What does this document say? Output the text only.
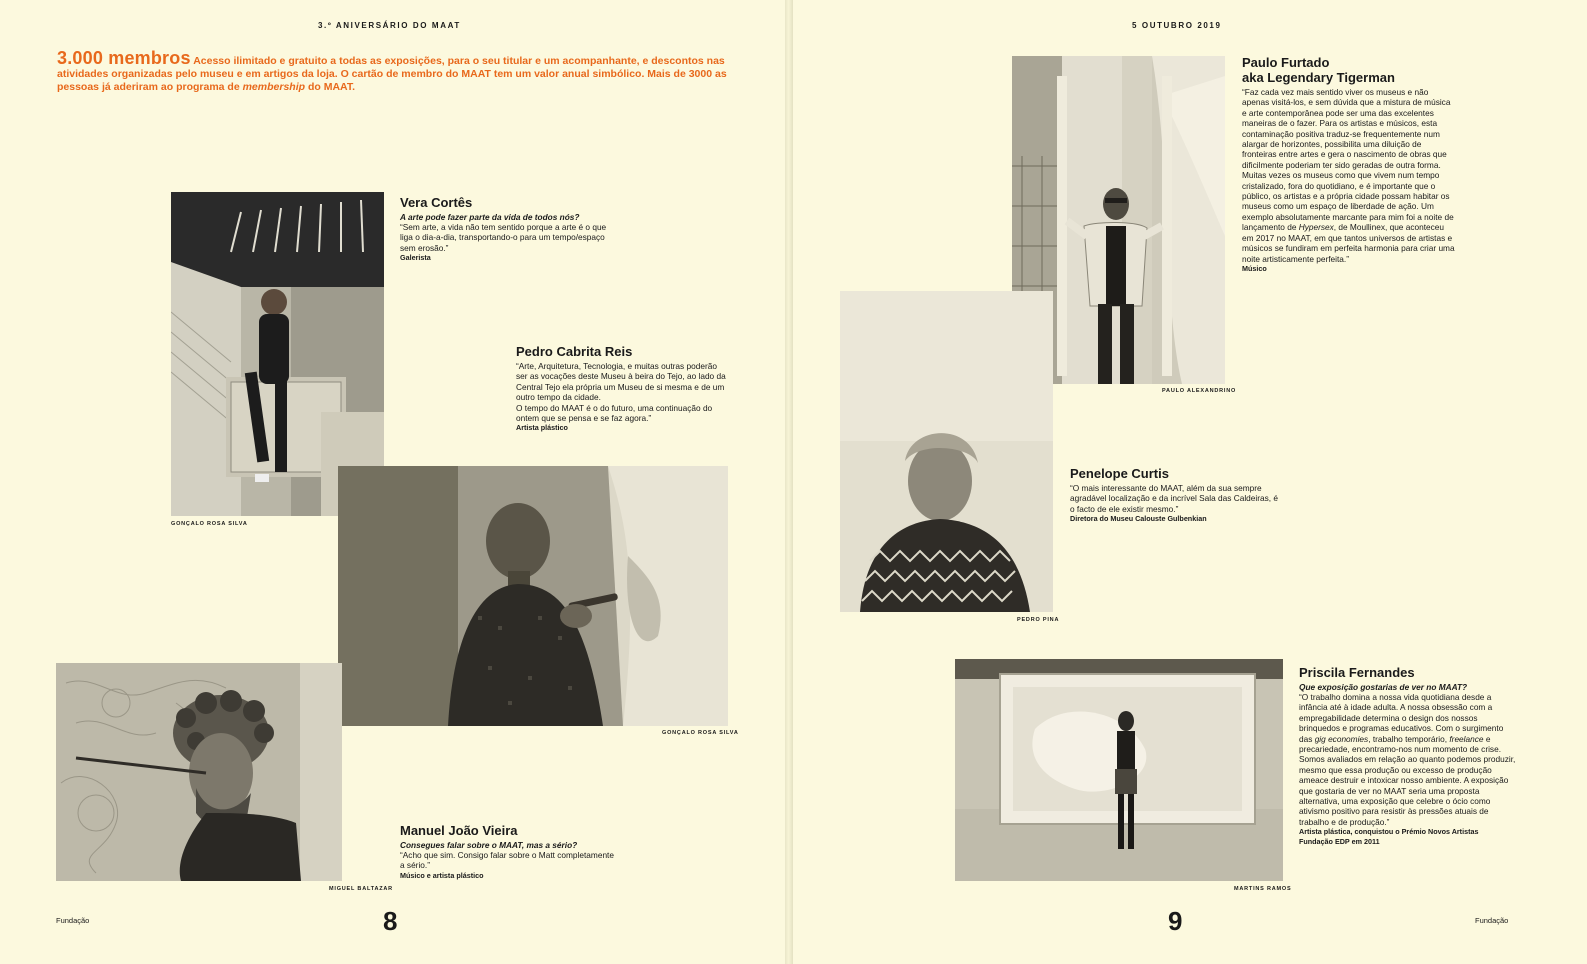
3.º ANIVERSÁRIO DO MAAT	5 OUTUBRO 2019
3.000 membros Acesso ilimitado e gratuito a todas as exposições, para o seu titular e um acompanhante, e descontos nas atividades organizadas pelo museu e em artigos da loja. O cartão de membro do MAAT tem um valor anual simbólico. Mais de 3000 as pessoas já aderiram ao programa de membership do MAAT.
GONÇALO ROSA SILVA
Vera Cortês
A arte pode fazer parte da vida de todos nós?
“Sem arte, a vida não tem sentido porque a arte é o que liga o dia-a-dia, transportando-o para um tempo/espaço sem erosão.”
Galerista
Pedro Cabrita Reis
“Arte, Arquitetura, Tecnologia, e muitas outras poderão ser as vocações deste Museu à beira do Tejo, ao lado da Central Tejo ela própria um Museu de si mesma e de um outro tempo da cidade.
O tempo do MAAT é o do futuro, uma continuação do ontem que se pensa e se faz agora.”
Artista plástico
GONÇALO ROSA SILVA
MIGUEL BALTAZAR
Manuel João Vieira
Consegues falar sobre o MAAT, mas a sério?
“Acho que sim. Consigo falar sobre o Matt completamente a sério.”
Músico e artista plástico
PAULO ALEXANDRINO
Paulo Furtado
aka Legendary Tigerman
“Faz cada vez mais sentido viver os museus e não apenas visitá-los, e sem dúvida que a mistura de música e arte contemporânea pode ser uma das excelentes maneiras de o fazer. Para os artistas e músicos, esta contaminação positiva traduz-se frequentemente num alargar de horizontes, possibilita uma diluição de fronteiras entre artes e gera o nascimento de obras que dificilmente poderiam ter sido geradas de outra forma. Muitas vezes os museus como que vivem num tempo cristalizado, fora do quotidiano, e é importante que o público, os artistas e a própria cidade possam habitar os museus como um espaço de liberdade de ação. Um exemplo absolutamente marcante para mim foi a noite de lançamento de Hypersex, de Moullinex, que aconteceu em 2017 no MAAT, em que tantos universos de artistas e músicos se fundiram em perfeita harmonia para criar uma noite artisticamente perfeita.”
Músico
PEDRO PINA
Penelope Curtis
“O mais interessante do MAAT, além da sua sempre agradável localização e da incrível Sala das Caldeiras, é o facto de ele existir mesmo.”
Diretora do Museu Calouste Gulbenkian
MARTINS RAMOS
Priscila Fernandes
Que exposição gostarias de ver no MAAT?
“O trabalho domina a nossa vida quotidiana desde a infância até à idade adulta. A nossa obsessão com a empregabilidade determina o design dos nossos brinquedos e programas educativos. Com o surgimento das gig economies, trabalho temporário, freelance e precariedade, encontramo-nos num momento de crise. Somos avaliados em relação ao quanto podemos produzir, mesmo que essa produção ou excesso de produção ameace destruir e intoxicar nosso ambiente. A exposição que gostaria de ver no MAAT seria uma proposta alternativa, uma exposição que celebre o ócio como ativismo positivo para resistir às pressões atuais de trabalho e de produção.”
Artista plástica, conquistou o Prémio Novos Artistas
Fundação EDP em 2011
Fundação	8	9	Fundação
